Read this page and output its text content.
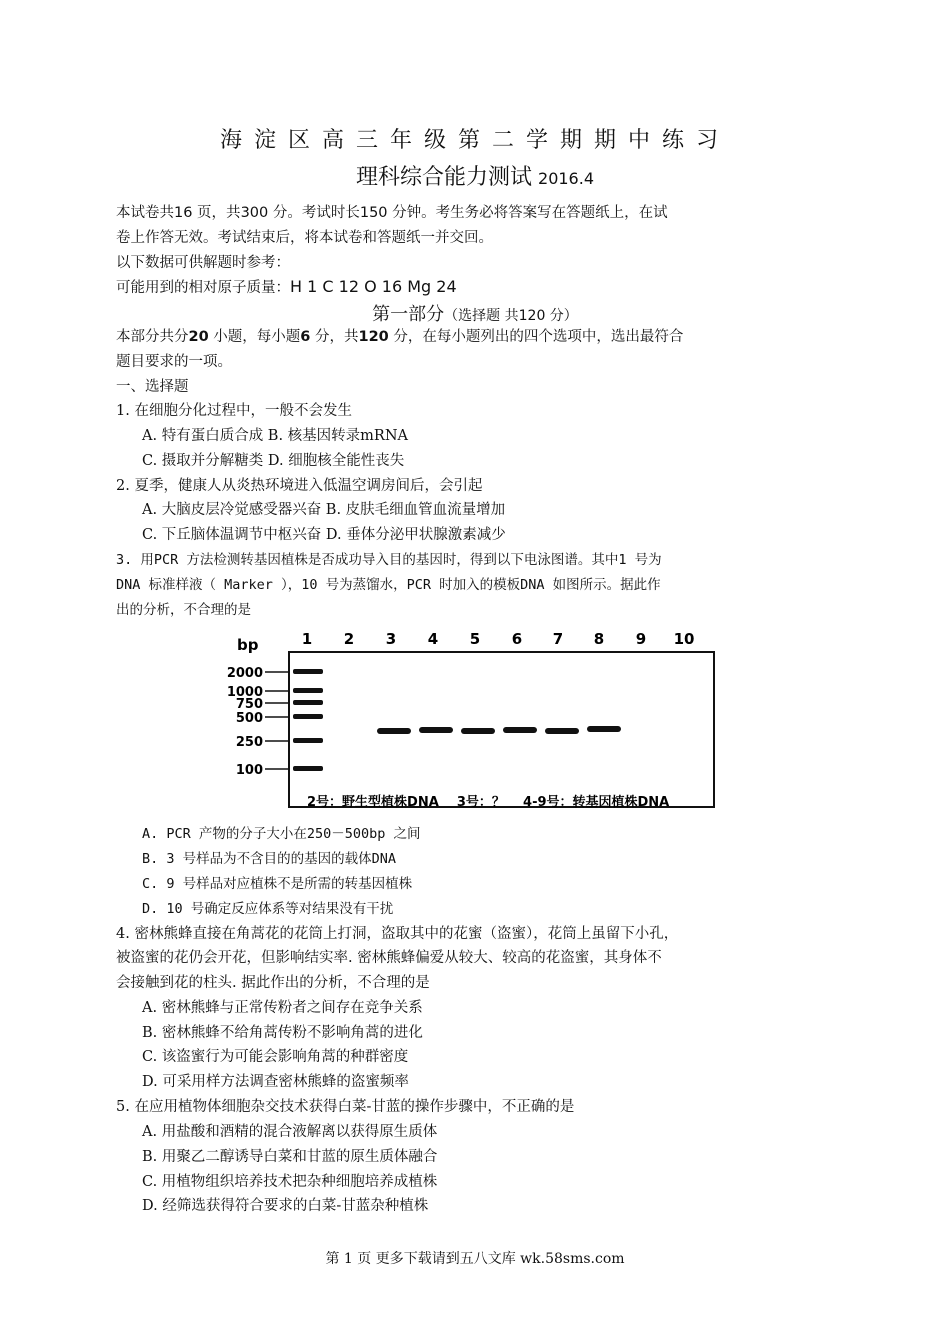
海淀区高三年级第二学期期中练习
理科综合能力测试 2016.4
本试卷共16 页，共300 分。考试时长150 分钟。考生务必将答案写在答题纸上，在试
卷上作答无效。考试结束后，将本试卷和答题纸一并交回。
以下数据可供解题时参考：
可能用到的相对原子质量：H 1 C 12 O 16 Mg 24
第一部分（选择题 共120 分）
本部分共分20 小题，每小题6 分，共120 分，在每小题列出的四个选项中，选出最符合
题目要求的一项。
一、选择题
1. 在细胞分化过程中，一般不会发生
A. 特有蛋白质合成 B. 核基因转录mRNA
C. 摄取并分解糖类 D. 细胞核全能性丧失
2. 夏季，健康人从炎热环境进入低温空调房间后，会引起
A. 大脑皮层冷觉感受器兴奋 B. 皮肤毛细血管血流量增加
C. 下丘脑体温调节中枢兴奋 D. 垂体分泌甲状腺激素减少
3. 用PCR 方法检测转基因植株是否成功导入目的基因时，得到以下电泳图谱。其中1 号为
DNA 标准样液（ Marker ），10 号为蒸馏水，PCR 时加入的模板DNA 如图所示。据此作
出的分析，不合理的是
bp	1 2 3 4 5 6 7 8 9 10
2000
1000
750
500
250
100
2号：野生型植株DNA    3号：？    4-9号：转基因植株DNA
A. PCR 产物的分子大小在250－500bp 之间
B. 3 号样品为不含目的的基因的载体DNA
C. 9 号样品对应植株不是所需的转基因植株
D. 10 号确定反应体系等对结果没有干扰
4. 密林熊蜂直接在角蒿花的花筒上打洞，盗取其中的花蜜（盗蜜），花筒上虽留下小孔，
被盗蜜的花仍会开花，但影响结实率. 密林熊蜂偏爱从较大、较高的花盗蜜，其身体不
会接触到花的柱头. 据此作出的分析，不合理的是
A. 密林熊蜂与正常传粉者之间存在竞争关系
B. 密林熊蜂不给角蒿传粉不影响角蒿的进化
C. 该盗蜜行为可能会影响角蒿的种群密度
D. 可采用样方法调查密林熊蜂的盗蜜频率
5. 在应用植物体细胞杂交技术获得白菜-甘蓝的操作步骤中，不正确的是
A. 用盐酸和酒精的混合液解离以获得原生质体
B. 用聚乙二醇诱导白菜和甘蓝的原生质体融合
C. 用植物组织培养技术把杂种细胞培养成植株
D. 经筛选获得符合要求的白菜-甘蓝杂种植株
第 1 页 更多下载请到五八文库 wk.58sms.com
